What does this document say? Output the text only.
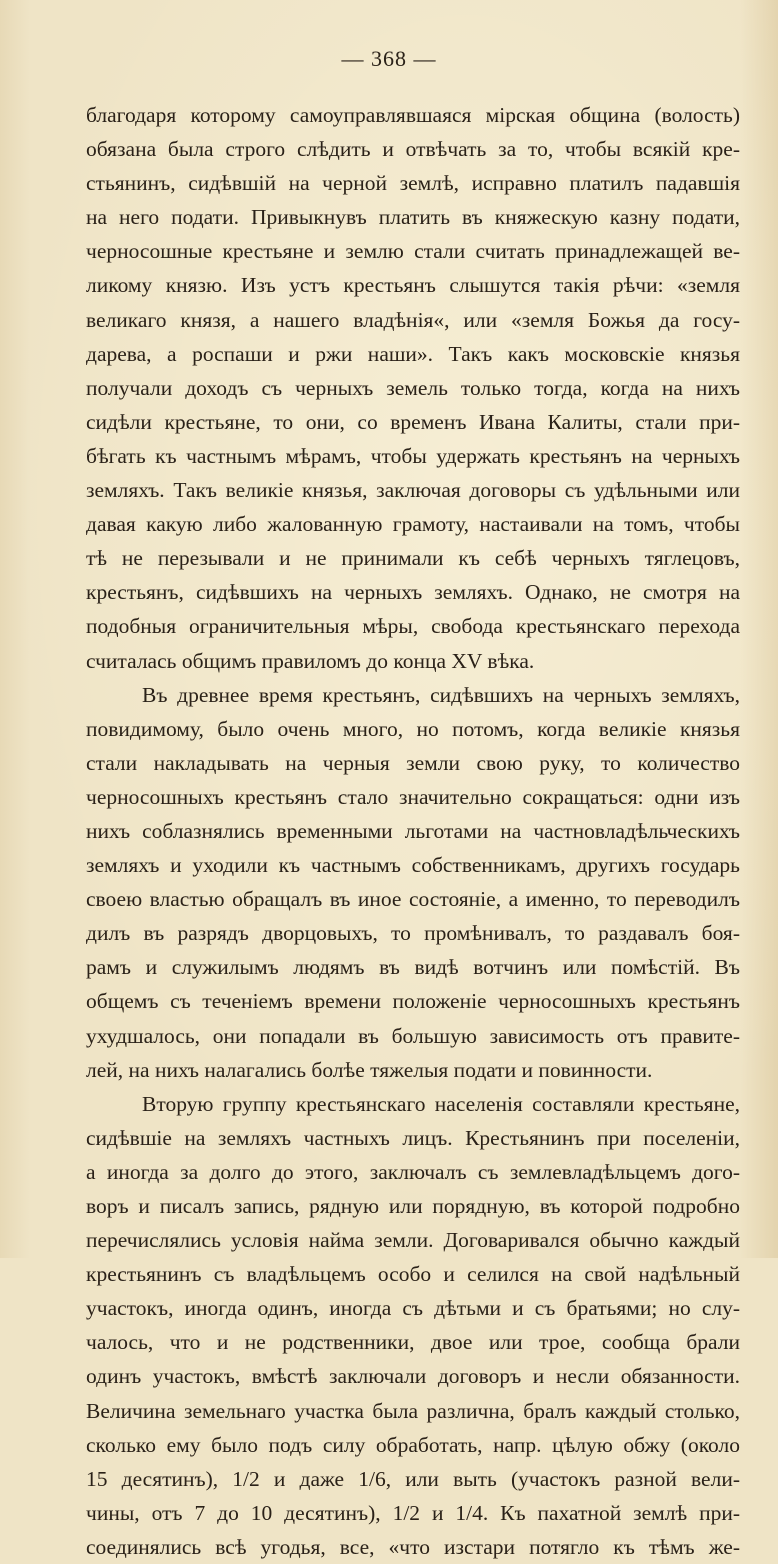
— 368 —
благодаря которому самоуправлявшаяся мірская община (волость)
обязана была строго слѣдить и отвѣчать за то, чтобы всякій кре-
стьянинъ, сидѣвшій на черной землѣ, исправно платилъ падавшія
на него подати. Привыкнувъ платить въ княжескую казну подати,
черносошные крестьяне и землю стали считать принадлежащей ве-
ликому князю. Изъ устъ крестьянъ слышутся такія рѣчи: «земля
великаго князя, а нашего владѣнія«, или «земля Божья да госу-
дарева, а роспаши и ржи наши». Такъ какъ московскіе князья
получали доходъ съ черныхъ земель только тогда, когда на нихъ
сидѣли крестьяне, то они, со временъ Ивана Калиты, стали при-
бѣгать къ частнымъ мѣрамъ, чтобы удержать крестьянъ на черныхъ
земляхъ. Такъ великіе князья, заключая договоры съ удѣльными или
давая какую либо жалованную грамоту, настаивали на томъ, чтобы
тѣ не перезывали и не принимали къ себѣ черныхъ тяглецовъ,
крестьянъ, сидѣвшихъ на черныхъ земляхъ. Однако, не смотря на
подобныя ограничительныя мѣры, свобода крестьянскаго перехода
считалась общимъ правиломъ до конца XV вѣка.
Въ древнее время крестьянъ, сидѣвшихъ на черныхъ земляхъ,
повидимому, было очень много, но потомъ, когда великіе князья
стали накладывать на черныя земли свою руку, то количество
черносошныхъ крестьянъ стало значительно сокращаться: одни изъ
нихъ соблазнялись временными льготами на частновладѣльческихъ
земляхъ и уходили къ частнымъ собственникамъ, другихъ государь
своею властью обращалъ въ иное состояніе, а именно, то переводилъ
дилъ въ разрядъ дворцовыхъ, то промѣнивалъ, то раздавалъ боя-
рамъ и служилымъ людямъ въ видѣ вотчинъ или помѣстій. Въ
общемъ съ теченіемъ времени положеніе черносошныхъ крестьянъ
ухудшалось, они попадали въ большую зависимость отъ правите-
лей, на нихъ налагались болѣе тяжелыя подати и повинности.
Вторую группу крестьянскаго населенія составляли крестьяне,
сидѣвшіе на земляхъ частныхъ лицъ. Крестьянинъ при поселеніи,
а иногда за долго до этого, заключалъ съ землевладѣльцемъ дого-
воръ и писалъ запись, рядную или порядную, въ которой подробно
перечислялись условія найма земли. Договаривался обычно каждый
крестьянинъ съ владѣльцемъ особо и селился на свой надѣльный
участокъ, иногда одинъ, иногда съ дѣтьми и съ братьями; но слу-
чалось, что и не родственники, двое или трое, сообща брали
одинъ участокъ, вмѣстѣ заключали договоръ и несли обязанности.
Величина земельнаго участка была различна, бралъ каждый столько,
сколько ему было подъ силу обработать, напр. цѣлую обжу (около
15 десятинъ), 1/2 и даже 1/6, или выть (участокъ разной вели-
чины, отъ 7 до 10 десятинъ), 1/2 и 1/4. Къ пахатной землѣ при-
соединялись всѣ угодья, все, «что изстари потягло къ тѣмъ же-
